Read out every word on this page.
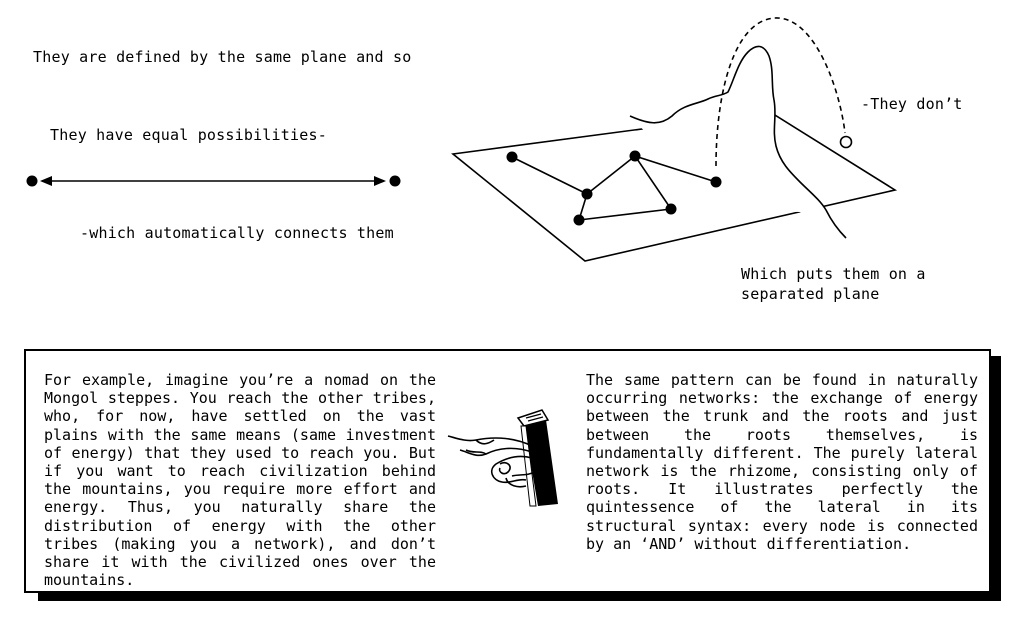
They are defined by the same plane and so
They have equal possibilities-
-which automatically connects them
-They don’t
Which puts them on a
separated plane
For example, imagine you’re a nomad on the Mongol steppes. You reach the other tribes, who, for now, have settled on the vast plains with the same means (same investment of energy) that they used to reach you. But if you want to reach civilization behind the mountains, you require more effort and energy. Thus, you naturally share the distribution of energy with the other tribes (making you a network), and don’t share it with the civilized ones over the mountains.
The same pattern can be found in naturally occurring networks: the exchange of energy between the trunk and the roots and just between the roots themselves, is fundamentally different. The purely lateral network is the rhizome, consisting only of roots. It illustrates perfectly the quintessence of the lateral in its structural syntax: every node is connected by an ‘AND’ without differentiation.
